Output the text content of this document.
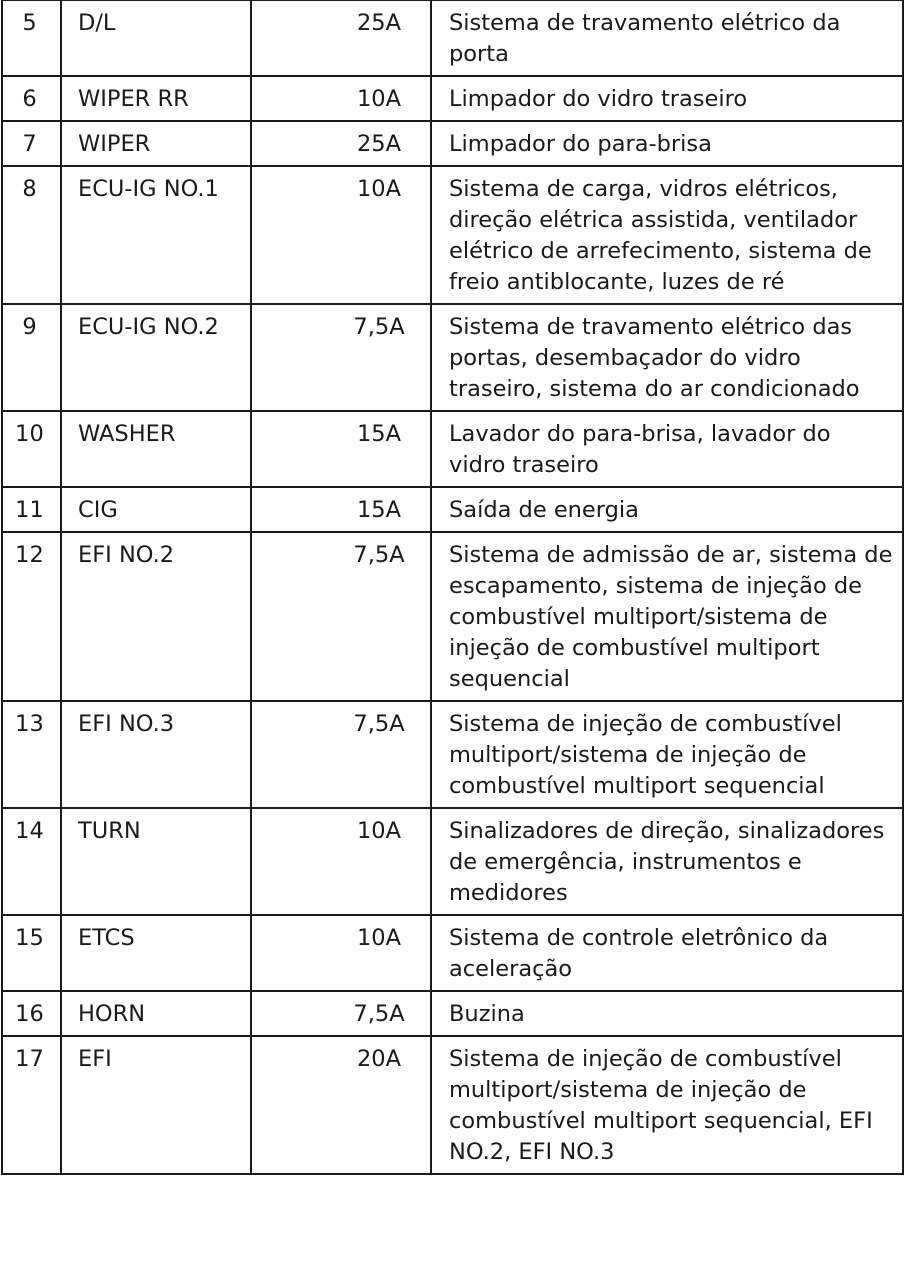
5	D/L	25A	Sistema de travamento elétrico da porta
6	WIPER RR	10A	Limpador do vidro traseiro
7	WIPER	25A	Limpador do para-brisa
8	ECU-IG NO.1	10A	Sistema de carga, vidros elétricos, direção elétrica assistida, ventilador elétrico de arrefecimento, sistema de freio antiblocante, luzes de ré
9	ECU-IG NO.2	7,5A	Sistema de travamento elétrico das portas, desembaçador do vidro traseiro, sistema do ar condicionado
10	WASHER	15A	Lavador do para-brisa, lavador do vidro traseiro
11	CIG	15A	Saída de energia
12	EFI NO.2	7,5A	Sistema de admissão de ar, sistema de escapamento, sistema de injeção de combustível multiport/sistema de injeção de combustível multiport sequencial
13	EFI NO.3	7,5A	Sistema de injeção de combustível multiport/sistema de injeção de combustível multiport sequencial
14	TURN	10A	Sinalizadores de direção, sinalizadores de emergência, instrumentos e medidores
15	ETCS	10A	Sistema de controle eletrônico da aceleração
16	HORN	7,5A	Buzina
17	EFI	20A	Sistema de injeção de combustível multiport/sistema de injeção de combustível multiport sequencial, EFI NO.2, EFI NO.3
